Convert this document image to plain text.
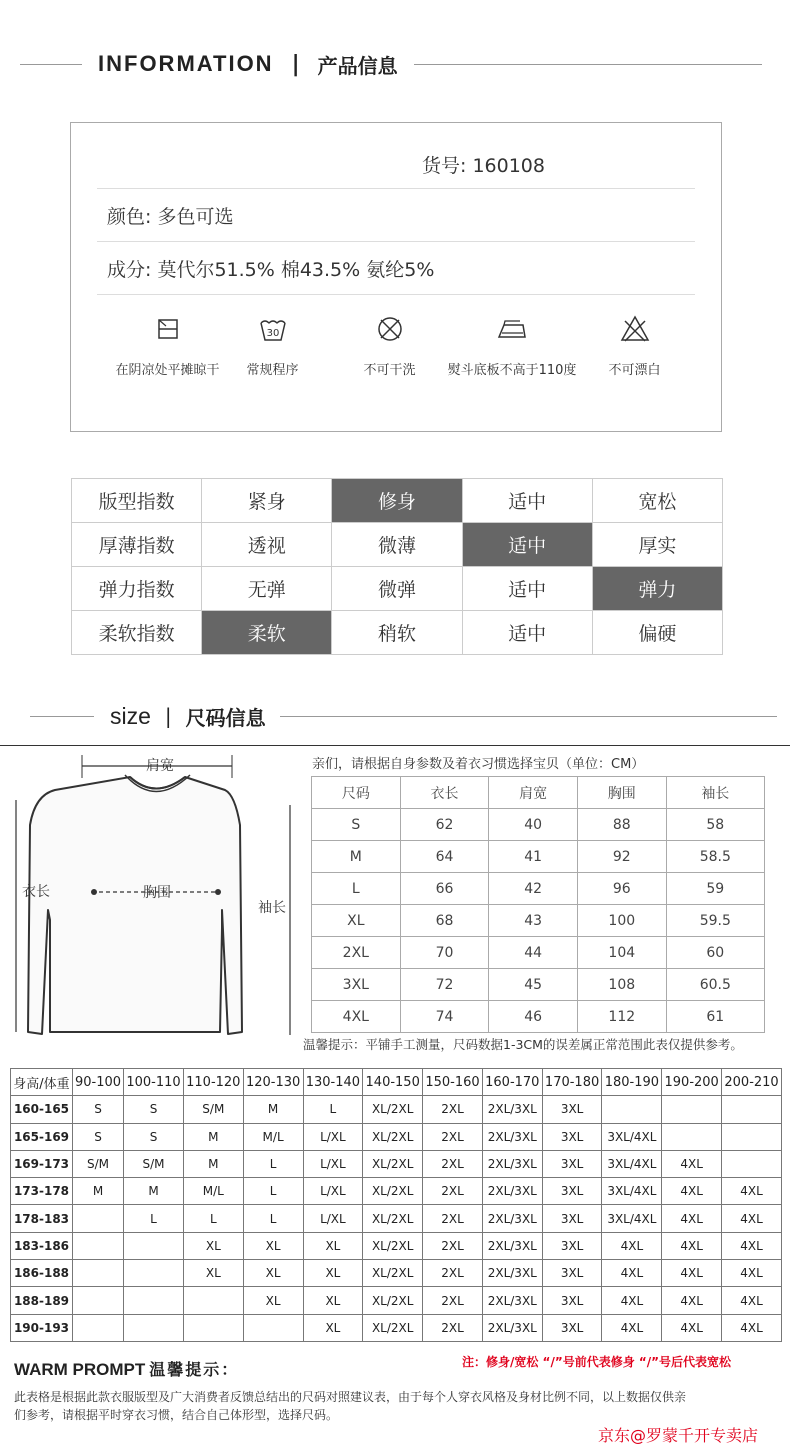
INFORMATION | 产品信息
货号: 160108
颜色: 多色可选
成分: 莫代尔51.5% 棉43.5% 氨纶5%
在阴凉处平摊晾干
30
常规程序	不可干洗	熨斗底板不高于110度	不可漂白
版型指数	紧身	修身	适中	宽松
厚薄指数	透视	微薄	适中	厚实
弹力指数	无弹	微弹	适中	弹力
柔软指数	柔软	稍软	适中	偏硬
size | 尺码信息
肩宽
衣长	胸围
袖长
亲们，请根据自身参数及着衣习惯选择宝贝（单位：CM）
尺码	衣长	肩宽	胸围	袖长
S	62	40	88	58
M	64	41	92	58.5
L	66	42	96	59
XL	68	43	100	59.5
2XL	70	44	104	60
3XL	72	45	108	60.5
4XL	74	46	112	61
温馨提示：平铺手工测量，尺码数据1-3CM的误差属正常范围此表仅提供参考。
身高/体重	90-100	100-110	110-120	120-130	130-140	140-150	150-160	160-170	170-180	180-190	190-200	200-210
160-165	S	S	S/M	M	L	XL/2XL	2XL	2XL/3XL	3XL			
165-169	S	S	M	M/L	L/XL	XL/2XL	2XL	2XL/3XL	3XL	3XL/4XL		
169-173	S/M	S/M	M	L	L/XL	XL/2XL	2XL	2XL/3XL	3XL	3XL/4XL	4XL	
173-178	M	M	M/L	L	L/XL	XL/2XL	2XL	2XL/3XL	3XL	3XL/4XL	4XL	4XL
178-183		L	L	L	L/XL	XL/2XL	2XL	2XL/3XL	3XL	3XL/4XL	4XL	4XL
183-186			XL	XL	XL	XL/2XL	2XL	2XL/3XL	3XL	4XL	4XL	4XL
186-188			XL	XL	XL	XL/2XL	2XL	2XL/3XL	3XL	4XL	4XL	4XL
188-189				XL	XL	XL/2XL	2XL	2XL/3XL	3XL	4XL	4XL	4XL
190-193					XL	XL/2XL	2XL	2XL/3XL	3XL	4XL	4XL	4XL
WARM PROMPT 温馨提示：	注：修身/宽松 “/”号前代表修身 “/”号后代表宽松
此表格是根据此款衣服版型及广大消费者反馈总结出的尺码对照建议表，由于每个人穿衣风格及身材比例不同，以上数据仅供亲
们参考，请根据平时穿衣习惯，结合自己体形型，选择尺码。
京东@罗蒙千开专卖店
